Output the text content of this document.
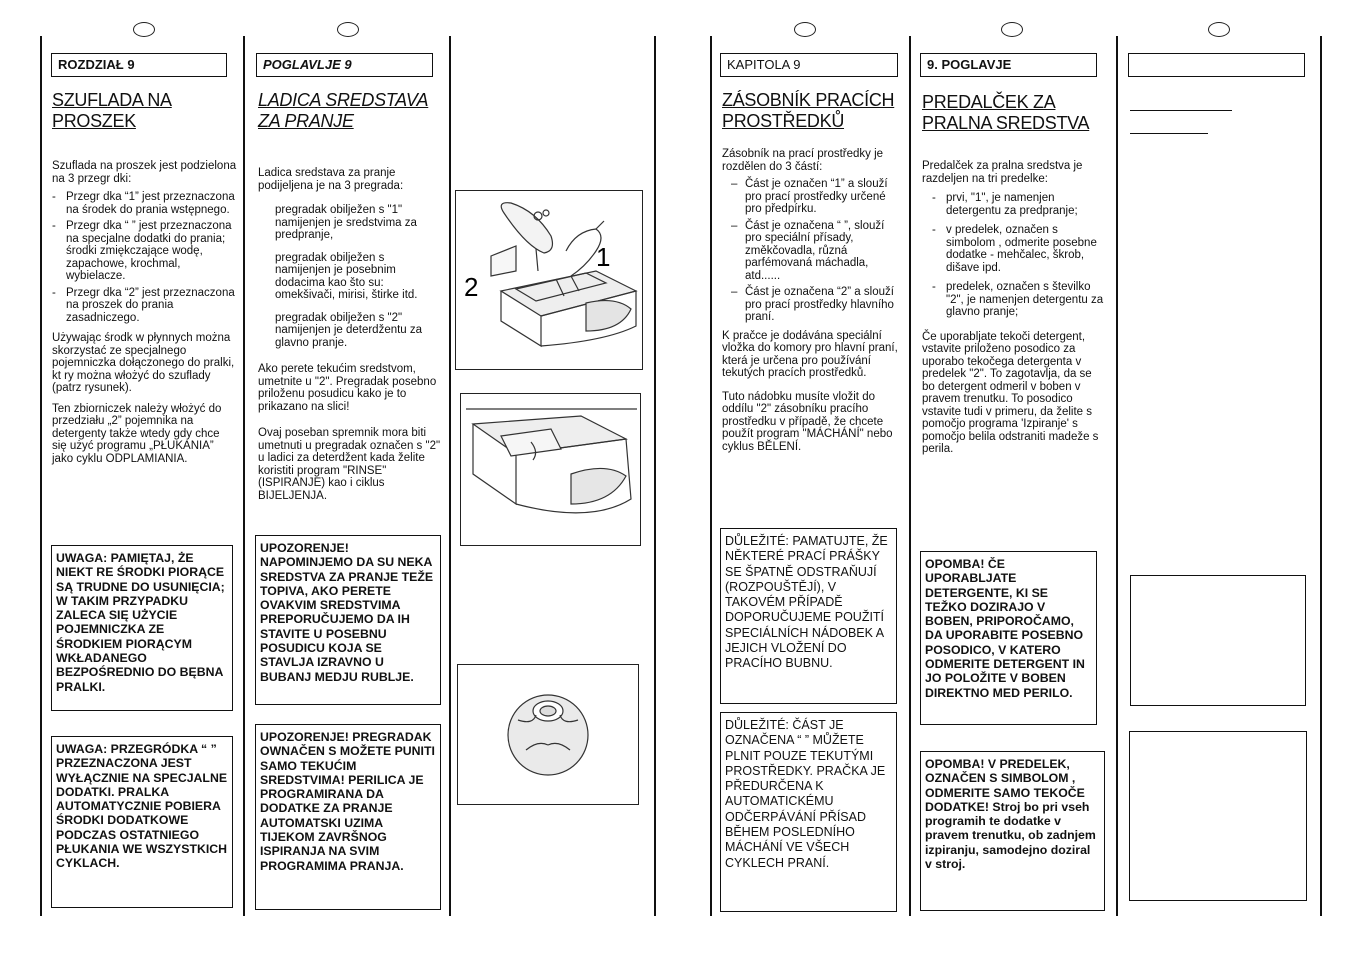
ROZDZIAŁ 9
SZUFLADA NA PROSZEK

Szuflada na proszek jest podzielona na 3 przegr dki:

- Przegr dka “1” jest przeznaczona na środek do prania wstępnego.
- Przegr dka “ ” jest przeznaczona na specjalne dodatki do prania; środki zmiękczające wodę, zapachowe, krochmal, wybielacze.
- Przegr dka “2” jest przeznaczona na proszek do prania zasadniczego.

Używając środk w płynnych można skorzystać ze specjalnego pojemniczka dołączonego do pralki, kt ry można włożyć do szuflady (patrz rysunek).

Ten zbiorniczek należy włożyć do przedziału „2” pojemnika na detergenty także wtedy gdy chce się użyć programu „PŁUKANIA” jako cyklu ODPLAMIANIA.

UWAGA: PAMIĘTAJ, ŻE NIEKT RE ŚRODKI PIORĄCE SĄ TRUDNE DO USUNIĘCIA; W TAKIM PRZYPADKU ZALECA SIĘ UŻYCIE POJEMNICZKA ZE ŚRODKIEM PIORĄCYM WKŁADANEGO BEZPOŚREDNIO DO BĘBNA PRALKI.
UWAGA: PRZEGRÓDKA “ ” PRZEZNACZONA JEST WYŁĄCZNIE NA SPECJALNE DODATKI. PRALKA AUTOMATYCZNIE POBIERA ŚRODKI DODATKOWE PODCZAS OSTATNIEGO PŁUKANIA WE WSZYSTKICH CYKLACH.
POGLAVLJE 9
LADICA SREDSTAVA ZA PRANJE

Ladica sredstava za pranje podijeljena je na 3 pregrada:

pregradak obilježen s "1" namijenjen je sredstvima za predpranje,

pregradak obilježen s namijenjen je posebnim dodacima kao što su: omekšivači, mirisi, štirke itd.

pregradak obilježen s "2" namijenjen je deterdžentu za glavno pranje.

Ako perete tekućim sredstvom, umetnite u "2". Pregradak posebno priloženu posudicu kako je to prikazano na slici!

Ovaj poseban spremnik mora biti umetnuti u pregradak označen s "2" u ladici za deterdžent kada želite koristiti program "RINSE" (ISPIRANJE) kao i ciklus BIJELJENJA.

UPOZORENJE! NAPOMINJEMO DA SU NEKA SREDSTVA ZA PRANJE TEŽE TOPIVA, AKO PERETE OVAKVIM SREDSTVIMA PREPORUČUJEMO DA IH STAVITE U POSEBNU POSUDICU KOJA SE STAVLJA IZRAVNO U BUBANJ MEDJU RUBLJE.
UPOZORENJE! PREGRADAK OWNAČEN S MOŽETE PUNITI SAMO TEKUĆIM SREDSTVIMA! PERILICA JE PROGRAMIRANA DA DODATKE ZA PRANJE AUTOMATSKI UZIMA TIJEKOM ZAVRŠNOG ISPIRANJA NA SVIM PROGRAMIMA PRANJA.
1
2
KAPITOLA 9
ZÁSOBNÍK PRACÍCH PROSTŘEDKŮ

Zásobník na prací prostředky je rozdělen do 3 částí:

– Část je označen “1” a slouží pro prací prostředky určené pro předpírku.
– Část je označena “ ”, slouží pro speciální přísady, změkčovadla, různá parfémovaná máchadla, atd......
– Část je označena “2” a slouží pro prací prostředky hlavního praní.

K pračce je dodávána speciální vložka do komory pro hlavní praní, která je určena pro používání tekutých pracích prostředků.

Tuto nádobku musíte vložit do oddílu "2" zásobníku pracího prostředku v případě, že chcete použít program "MÁCHÁNÍ" nebo cyklus BĚLENÍ.

DŮLEŽITÉ: PAMATUJTE, ŽE NĚKTERÉ PRACÍ PRÁŠKY SE ŠPATNĚ ODSTRAŇUJÍ (ROZPOUŠTĚJÍ), V TAKOVÉM PŘÍPADĚ DOPORUČUJEME POUŽITÍ SPECIÁLNÍCH NÁDOBEK A JEJICH VLOŽENÍ DO PRACÍHO BUBNU.
DŮLEŽITÉ: ČÁST JE OZNAČENA “ ” MŮŽETE PLNIT POUZE TEKUTÝMI PROSTŘEDKY. PRAČKA JE PŘEDURČENA K AUTOMATICKÉMU ODČERPÁVÁNÍ PŘÍSAD BĚHEM POSLEDNÍHO MÁCHÁNÍ VE VŠECH CYKLECH PRANÍ.
9. POGLAVJE
PREDALČEK ZA PRALNA SREDSTVA

Predalček za pralna sredstva je razdeljen na tri predelke:

- prvi, "1", je namenjen detergentu za predpranje;
- v predelek, označen s simbolom , odmerite posebne dodatke - mehčalec, škrob, dišave ipd.
- predelek, označen s številko "2", je namenjen detergentu za glavno pranje;

Če uporabljate tekoči detergent, vstavite priloženo posodico za uporabo tekočega detergenta v predelek "2". To zagotavlja, da se bo detergent odmeril v boben v pravem trenutku. To posodico vstavite tudi v primeru, da želite s pomočjo programa 'Izpiranje' s pomočjo belila odstraniti madeže s perila.

OPOMBA! ČE UPORABLJATE DETERGENTE, KI SE TEŽKO DOZIRAJO V BOBEN, PRIPOROČAMO, DA UPORABITE POSEBNO POSODICO, V KATERO ODMERITE DETERGENT IN JO POLOŽITE V BOBEN DIREKTNO MED PERILO.
OPOMBA! V PREDELEK, OZNAČEN S SIMBOLOM , ODMERITE SAMO TEKOČE DODATKE! Stroj bo pri vseh programih te dodatke v pravem trenutku, ob zadnjem izpiranju, samodejno doziral v stroj.
